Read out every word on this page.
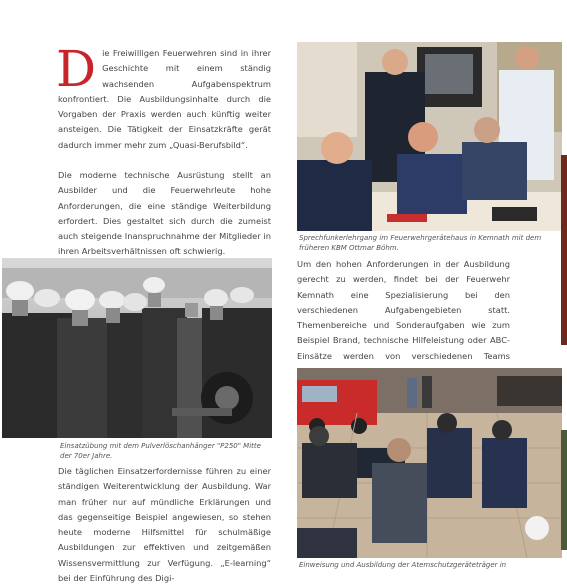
Die Freiwilligen Feuerwehren sind in ihrer Geschichte mit einem ständig wachsenden Aufgabenspektrum konfrontiert. Die Ausbildungsinhalte durch die Vorgaben der Praxis werden auch künftig weiter ansteigen. Die Tätigkeit der Einsatzkräfte gerät dadurch immer mehr zum „Quasi-Berufsbild“.

Die moderne technische Ausrüstung stellt an Ausbilder und die Feuerwehrleute hohe Anforderungen, die eine ständige Weiterbildung erfordert. Dies gestaltet sich durch die zumeist auch steigende Inanspruchnahme der Mitglieder in ihren Arbeitsverhältnissen oft schwierig.

Einsatzübung mit dem Pulverlöschanhänger "P250" Mitte der 70er Jahre.

Die täglichen Einsatzerfordernisse führen zu einer ständigen Weiterentwicklung der Ausbildung. War man früher nur auf mündliche Erklärungen und das gegenseitige Beispiel angewiesen, so stehen heute moderne Hilfsmittel für schulmäßige Ausbildungen zur effektiven und zeitgemäßen Wissensvermittlung zur Verfügung. „E-learning“ bei der Einführung des Digi-

Sprechfunkerlehrgang im Feuerwehrgerätehaus in Kemnath mit dem früheren KBM Ottmar Böhm.

Um den hohen Anforderungen in der Ausbildung gerecht zu werden, findet bei der Feuerwehr Kemnath eine Spezialisierung bei den verschiedenen Aufgabengebieten statt. Themenbereiche und Sonderaufgaben wie zum Beispiel Brand, technische Hilfeleistung oder ABC-Einsätze werden von verschiedenen Teams

Einweisung und Ausbildung der Atemschutzgeräteträger in
